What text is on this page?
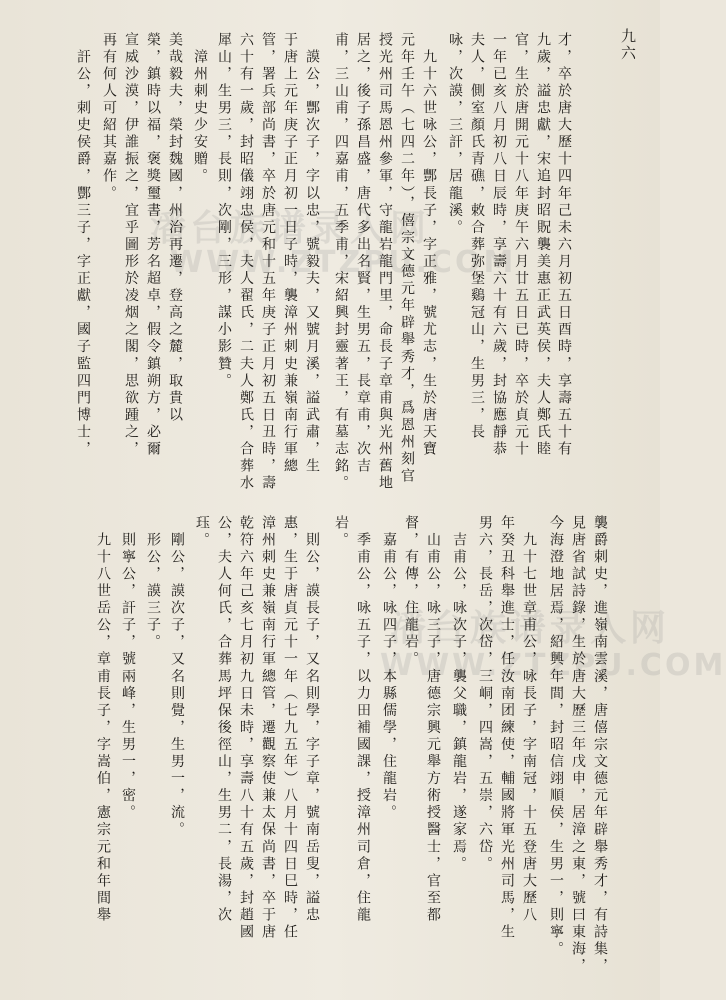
九六
潘台族谱录入网
WWW.ZTZPU.COM
潘台族谱录入网
WWW.ZTZPU.COM
襲爵刺史，進嶺南雲溪，唐僖宗文德元年辟舉秀才，有詩集，
見唐省試詩錄，生於唐大歷三年戊申，居漳之東，號曰東海，
今海澄地居焉，紹興年間，封昭信翊順侯，生男一，則寧。
　九十七世章甫公，咏長子，字南冠，十五登唐大歷八
年癸丑科舉進士，任汝南团練使，輔國將軍光州司馬，生
男六，長岳，次岱，三峒，四嵩，五崇，六岱。
　吉甫公，咏次子，襲父職，鎮龍岩，遂家焉。
　山甫公，咏三子，唐德宗興元舉方術授醫士，官至都
督，有傳，住龍岩。
　嘉甫公，咏四子，本縣儒學，住龍岩。
　季甫公，咏五子，以力田補國課，授漳州司倉，住龍
岩。
　則公，謨長子，又名則學，字子章，號南岳叟，謚忠
惠，生于唐貞元十一年（七九五年）八月十四日巳時，任
漳州刺史兼嶺南行軍總管，遷觀察使兼太保尚書，卒于唐
乾符六年己亥七月初九日未時，享壽八十有五歲，封趙國
公，夫人何氏，合葬馬坪保後徑山，生男二，長湯，次
珏。
　剛公，謨次子，又名則覺，生男一，流。
　形公，謨三子。
　則寧公，訐子，號兩峰，生男一，密。
　九十八世岳公，章甫長子，字嵩伯，憲宗元和年間舉
才，卒於唐大歷十四年己未六月初五日酉時，享壽五十有
九歲，謚忠獻，宋追封昭貺襲美惠正武英侯，夫人鄭氏睦
官，生於唐開元十八年庚午六月廿五日已時，卒於貞元十
一年已亥八月初八日辰時，享壽六十有六歲，封協應靜恭
夫人，側室顏氏青礁，敕合葬弥堡鷄冠山，生男三，長
咏，次謨，三訐，居龍溪。
　九十六世咏公，酆長子，字正雅，號尤志，生於唐天寶
元年壬午（七四二年），僖宗文德元年辟舉秀才，爲恩州刻官
授光州司馬恩州參軍，守龍岩龍門里，命長子章甫與光州舊地
居之，後子孫昌盛，唐代多出名賢，生男五，長章甫，次吉
甫，三山甫，四嘉甫，五季甫，宋紹興封靈著王，有墓志銘。
　謨公，酆次子，字以忠，號毅夫，又號月溪，謚武肅，生
于唐上元年庚子正月初一日子時，襲漳州刺史兼嶺南行軍總
管，署兵部尚書，卒於唐元和十五年庚子正月初五日丑時，壽
六十有一歲，封昭儀翊忠侯，夫人翟氏，二夫人鄭氏，合葬水
犀山，生男三，長則，次剛，三形，謀小影贊。
　漳州刺史少安贈。
美哉毅夫，榮封魏國，州治再遷，登高之麓，取貴以
榮，鎮時以福，褒獎璽書，芳名超卓，假令鎮朔方，必爾
宣威沙漠，伊誰振之，宜乎圖形於凌烟之閣，思欲踵之，
再有何人可紹其嘉作。
　訐公，刺史侯爵，酆三子，字正獻，國子監四門博士，
